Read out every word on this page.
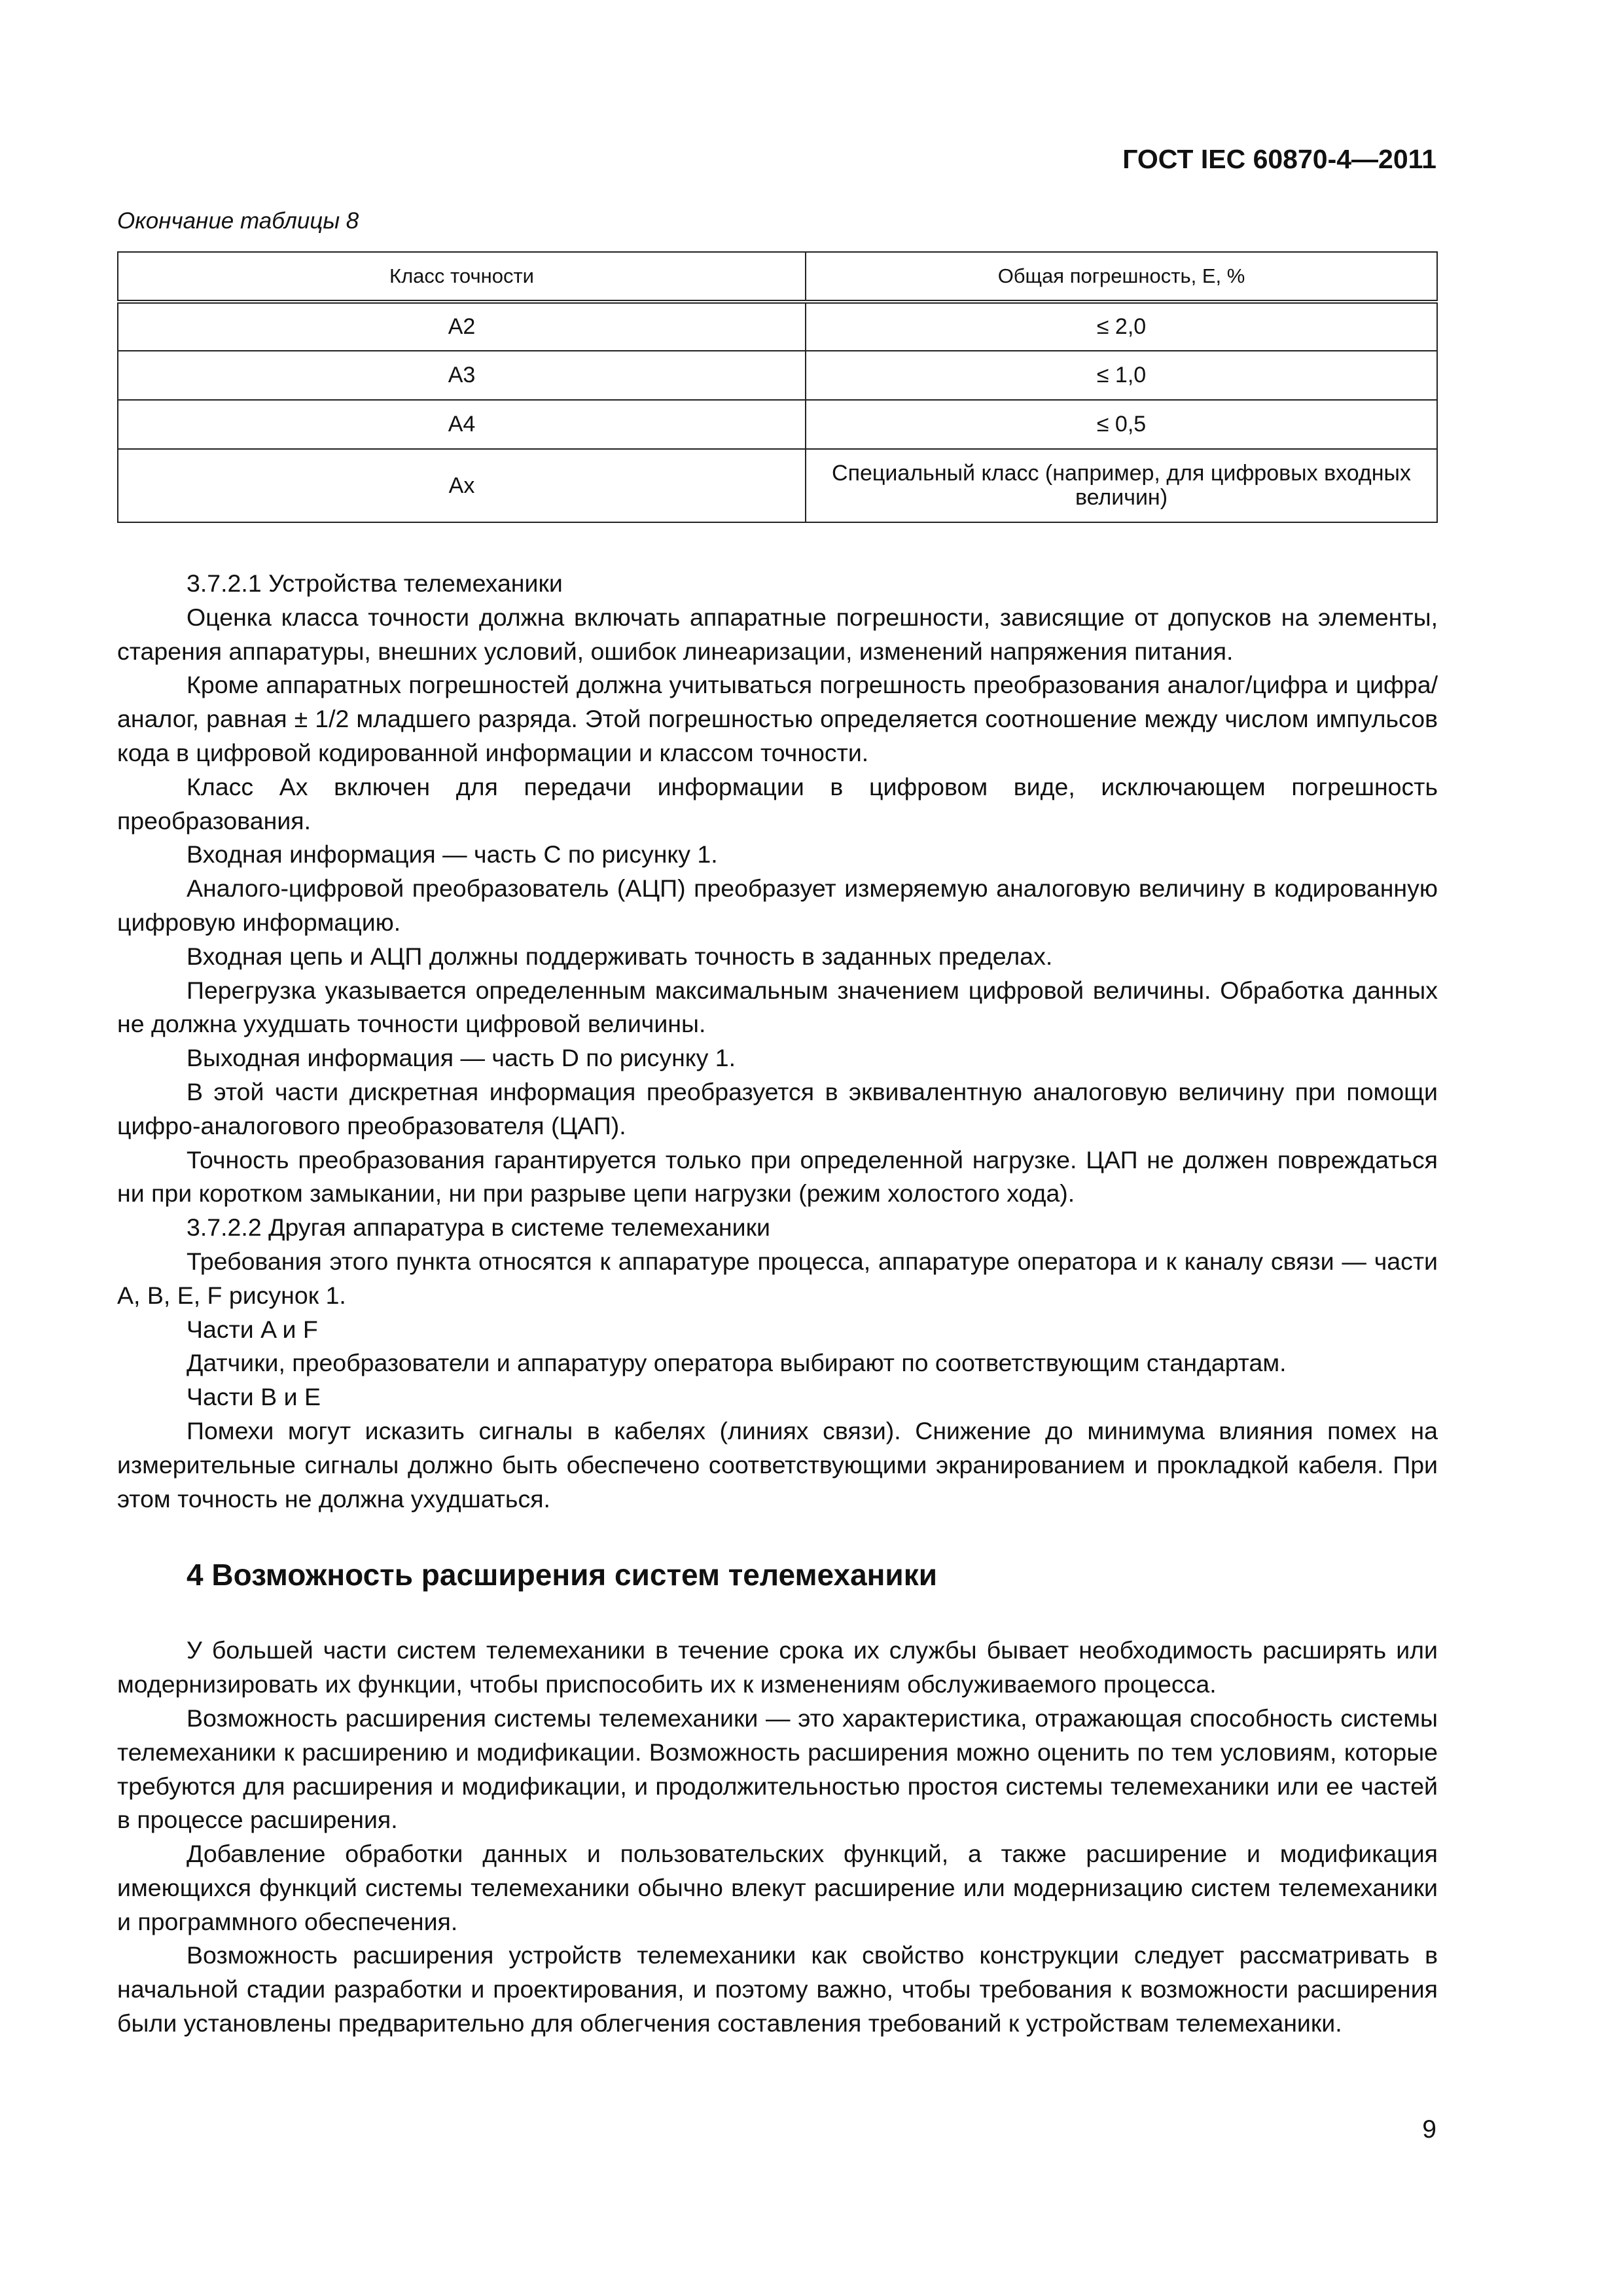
ГОСТ IEC 60870-4—2011
Окончание таблицы 8
Класс точности	Общая погрешность, E, %
A2	≤ 2,0
A3	≤ 1,0
A4	≤ 0,5
Ax	Специальный класс (например, для цифровых входных величин)

3.7.2.1 Устройства телемеханики

Оценка класса точности должна включать аппаратные погрешности, зависящие от допусков на элементы, старения аппаратуры, внешних условий, ошибок линеаризации, изменений напряжения питания.

Кроме аппаратных погрешностей должна учитываться погрешность преобразования аналог/цифра и цифра/аналог, равная ± 1/2 младшего разряда. Этой погрешностью определяется соотношение между числом импульсов кода в цифровой кодированной информации и классом точности.

Класс Ax включен для передачи информации в цифровом виде, исключающем погрешность преобразования.

Входная информация — часть C по рисунку 1.

Аналого-цифровой преобразователь (АЦП) преобразует измеряемую аналоговую величину в кодированную цифровую информацию.

Входная цепь и АЦП должны поддерживать точность в заданных пределах.

Перегрузка указывается определенным максимальным значением цифровой величины. Обработка данных не должна ухудшать точности цифровой величины.

Выходная информация — часть D по рисунку 1.

В этой части дискретная информация преобразуется в эквивалентную аналоговую величину при помощи цифро-аналогового преобразователя (ЦАП).

Точность преобразования гарантируется только при определенной нагрузке. ЦАП не должен повреждаться ни при коротком замыкании, ни при разрыве цепи нагрузки (режим холостого хода).

3.7.2.2 Другая аппаратура в системе телемеханики

Требования этого пункта относятся к аппаратуре процесса, аппаратуре оператора и к каналу связи — части A, B, E, F рисунок 1.

Части A и F

Датчики, преобразователи и аппаратуру оператора выбирают по соответствующим стандартам.

Части B и E

Помехи могут исказить сигналы в кабелях (линиях связи). Снижение до минимума влияния помех на измерительные сигналы должно быть обеспечено соответствующими экранированием и прокладкой кабеля. При этом точность не должна ухудшаться.

4 Возможность расширения систем телемеханики

У большей части систем телемеханики в течение срока их службы бывает необходимость расширять или модернизировать их функции, чтобы приспособить их к изменениям обслуживаемого процесса.

Возможность расширения системы телемеханики — это характеристика, отражающая способность системы телемеханики к расширению и модификации. Возможность расширения можно оценить по тем условиям, которые требуются для расширения и модификации, и продолжительностью простоя системы телемеханики или ее частей в процессе расширения.

Добавление обработки данных и пользовательских функций, а также расширение и модификация имеющихся функций системы телемеханики обычно влекут расширение или модернизацию систем телемеханики и программного обеспечения.

Возможность расширения устройств телемеханики как свойство конструкции следует рассматривать в начальной стадии разработки и проектирования, и поэтому важно, чтобы требования к возможности расширения были установлены предварительно для облегчения составления требований к устройствам телемеханики.

9
